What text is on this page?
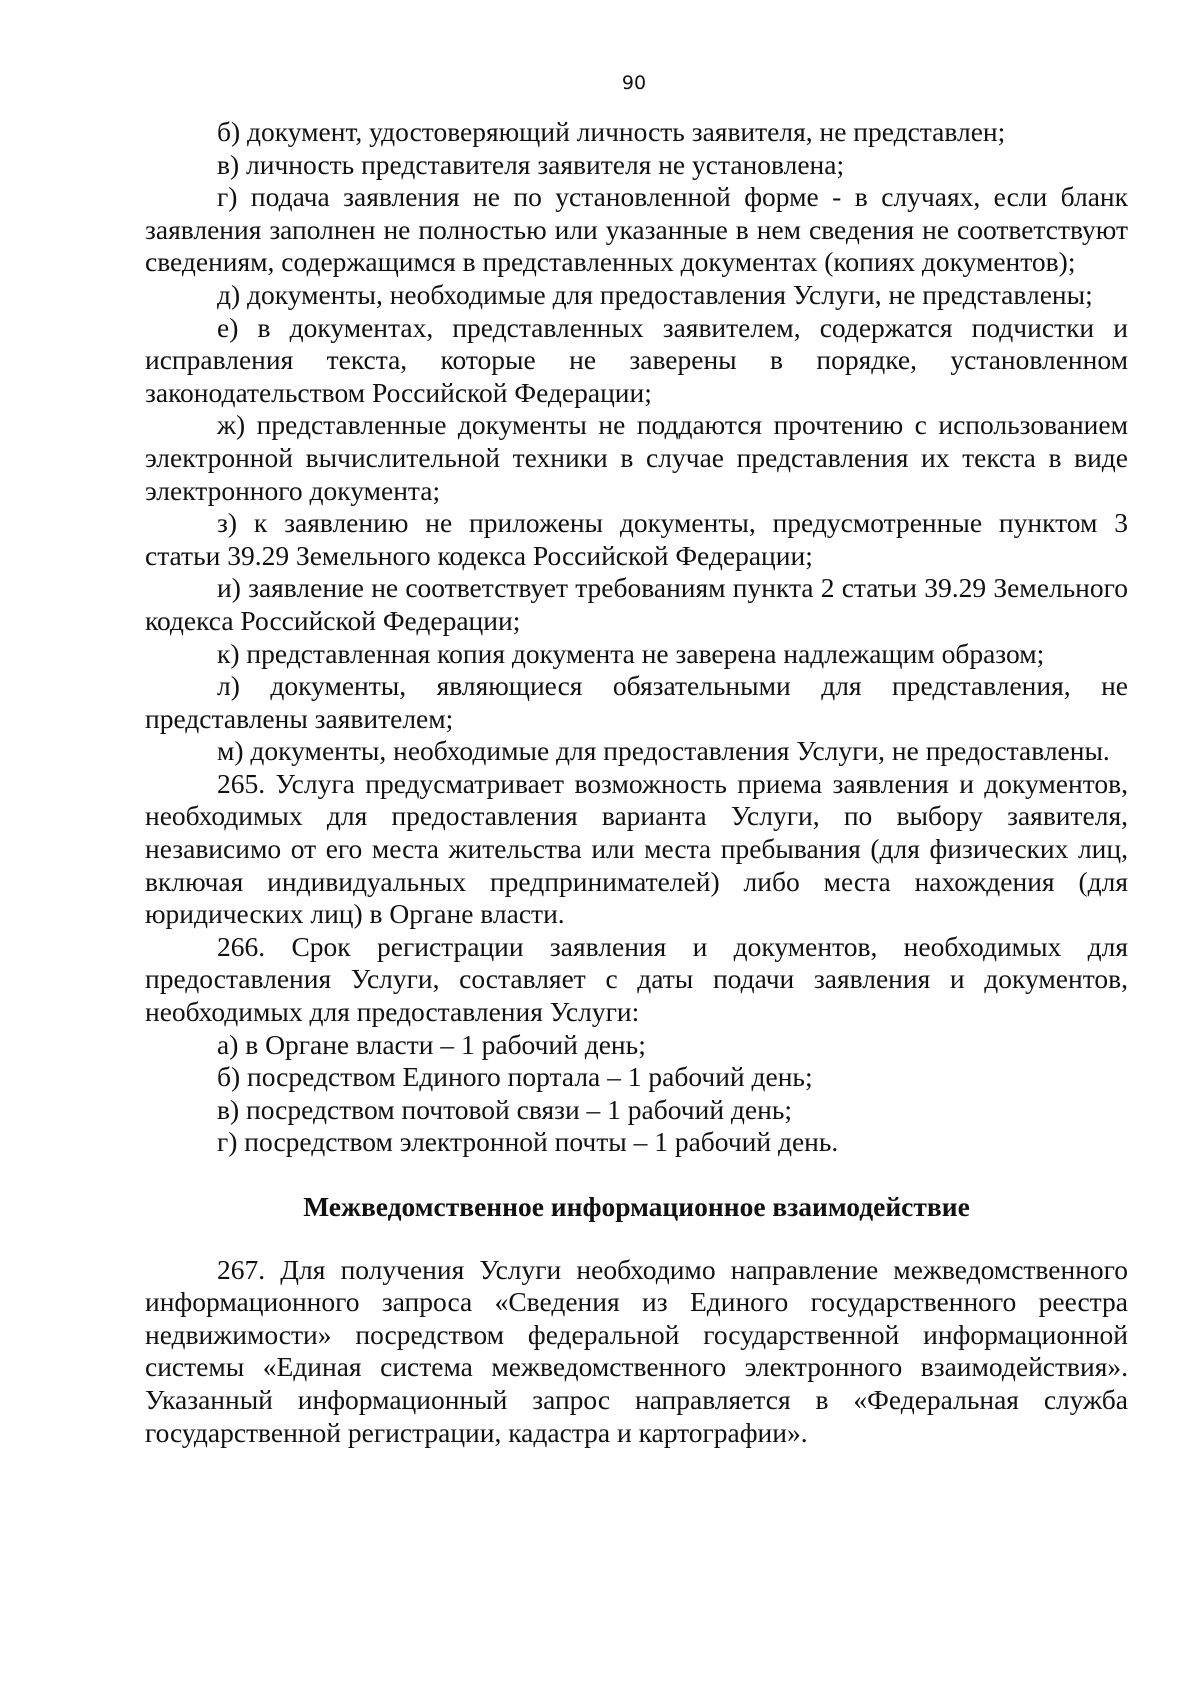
90

б) документ, удостоверяющий личность заявителя, не представлен;

в) личность представителя заявителя не установлена;

г) подача заявления не по установленной форме - в случаях, если бланк заявления заполнен не полностью или указанные в нем сведения не соответствуют сведениям, содержащимся в представленных документах (копиях документов);

д) документы, необходимые для предоставления Услуги, не представлены;

е) в документах, представленных заявителем, содержатся подчистки и исправления текста, которые не заверены в порядке, установленном законодательством Российской Федерации;

ж) представленные документы не поддаются прочтению с использованием электронной вычислительной техники в случае представления их текста в виде электронного документа;

з) к заявлению не приложены документы, предусмотренные пунктом 3 статьи 39.29 Земельного кодекса Российской Федерации;

и) заявление не соответствует требованиям пункта 2 статьи 39.29 Земельного кодекса Российской Федерации;

к) представленная копия документа не заверена надлежащим образом;

л) документы, являющиеся обязательными для представления, не представлены заявителем;

м) документы, необходимые для предоставления Услуги, не предоставлены.

265. Услуга предусматривает возможность приема заявления и документов, необходимых для предоставления варианта Услуги, по выбору заявителя, независимо от его места жительства или места пребывания (для физических лиц, включая индивидуальных предпринимателей) либо места нахождения (для юридических лиц) в Органе власти.

266. Срок регистрации заявления и документов, необходимых для предоставления Услуги, составляет с даты подачи заявления и документов, необходимых для предоставления Услуги:

а) в Органе власти – 1 рабочий день;

б) посредством Единого портала – 1 рабочий день;

в) посредством почтовой связи – 1 рабочий день;

г) посредством электронной почты – 1 рабочий день.

Межведомственное информационное взаимодействие

267. Для получения Услуги необходимо направление межведомственного информационного запроса «Сведения из Единого государственного реестра недвижимости» посредством федеральной государственной информационной системы «Единая система межведомственного электронного взаимодействия». Указанный информационный запрос направляется в «Федеральная служба государственной регистрации, кадастра и картографии».
